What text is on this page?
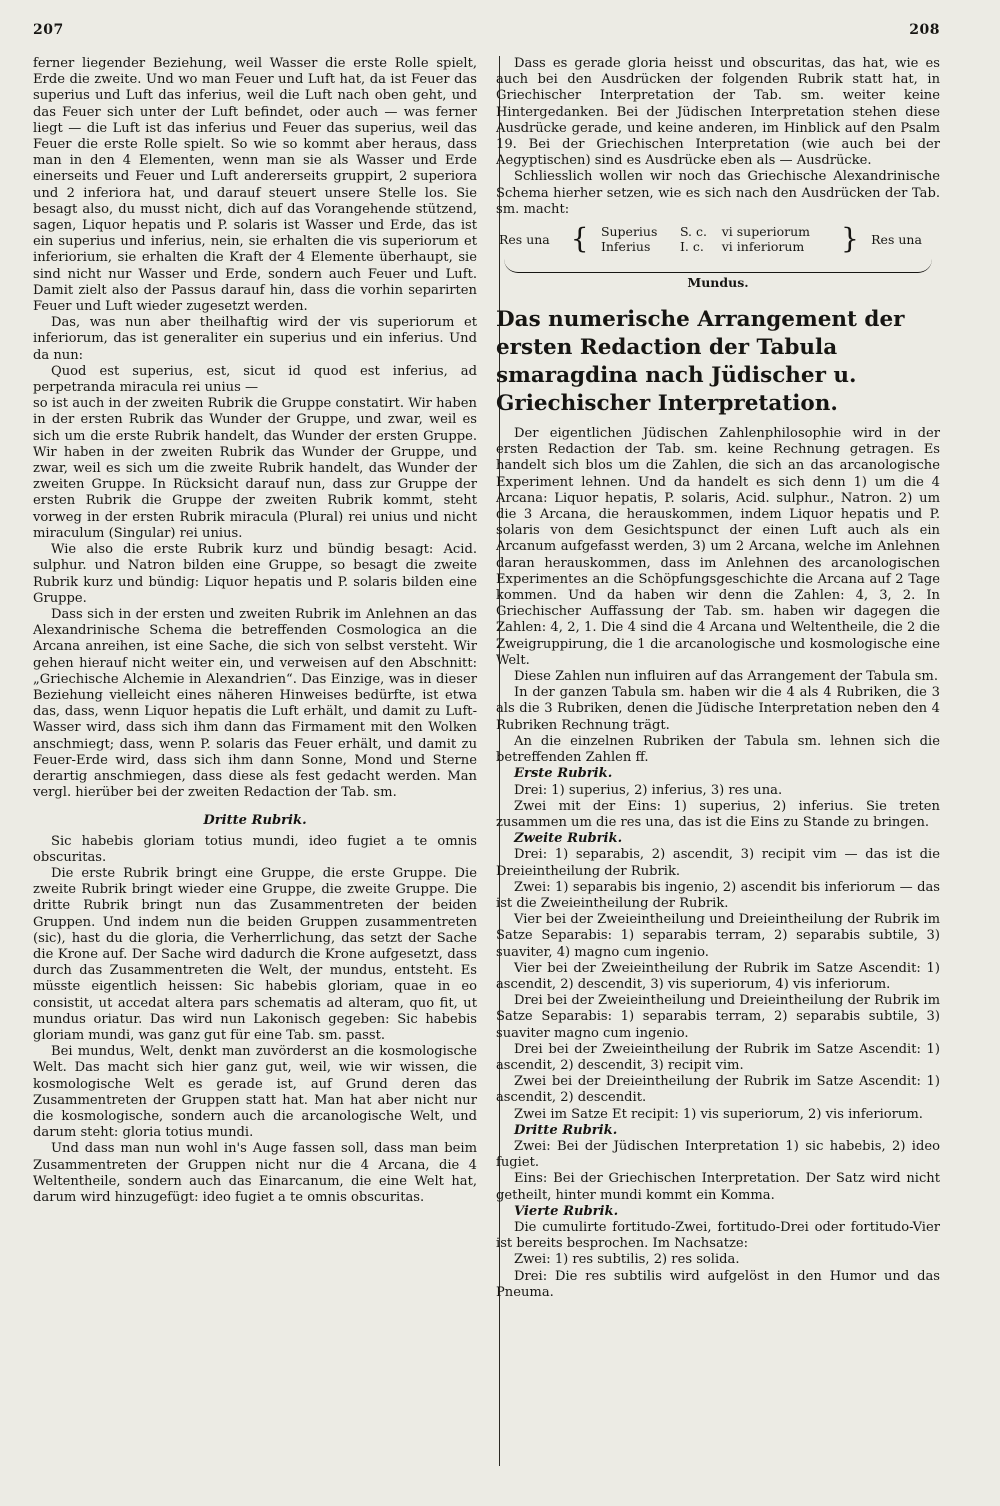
207	208

ferner liegender Beziehung, weil Wasser die erste Rolle spielt, Erde die zweite. Und wo man Feuer und Luft hat, da ist Feuer das superius und Luft das inferius, weil die Luft nach oben geht, und das Feuer sich unter der Luft befindet, oder auch — was ferner liegt — die Luft ist das inferius und Feuer das superius, weil das Feuer die erste Rolle spielt. So wie so kommt aber heraus, dass man in den 4 Elementen, wenn man sie als Wasser und Erde einerseits und Feuer und Luft andererseits gruppirt, 2 superiora und 2 inferiora hat, und darauf steuert unsere Stelle los. Sie besagt also, du musst nicht, dich auf das Vorangehende stützend, sagen, Liquor hepatis und P. solaris ist Wasser und Erde, das ist ein superius und inferius, nein, sie erhalten die vis superiorum et inferiorium, sie erhalten die Kraft der 4 Elemente überhaupt, sie sind nicht nur Wasser und Erde, sondern auch Feuer und Luft. Damit zielt also der Passus darauf hin, dass die vorhin separirten Feuer und Luft wieder zugesetzt werden.

Das, was nun aber theilhaftig wird der vis superiorum et inferiorum, das ist generaliter ein superius und ein inferius. Und da nun:

Quod est superius, est, sicut id quod est inferius, ad perpetranda miracula rei unius —

so ist auch in der zweiten Rubrik die Gruppe constatirt. Wir haben in der ersten Rubrik das Wunder der Gruppe, und zwar, weil es sich um die erste Rubrik handelt, das Wunder der ersten Gruppe. Wir haben in der zweiten Rubrik das Wunder der Gruppe, und zwar, weil es sich um die zweite Rubrik handelt, das Wunder der zweiten Gruppe. In Rücksicht darauf nun, dass zur Gruppe der ersten Rubrik die Gruppe der zweiten Rubrik kommt, steht vorweg in der ersten Rubrik miracula (Plural) rei unius und nicht miraculum (Singular) rei unius.

Wie also die erste Rubrik kurz und bündig besagt: Acid. sulphur. und Natron bilden eine Gruppe, so besagt die zweite Rubrik kurz und bündig: Liquor hepatis und P. solaris bilden eine Gruppe.

Dass sich in der ersten und zweiten Rubrik im Anlehnen an das Alexandrinische Schema die betreffenden Cosmologica an die Arcana anreihen, ist eine Sache, die sich von selbst versteht. Wir gehen hierauf nicht weiter ein, und verweisen auf den Abschnitt: „Griechische Alchemie in Alexandrien“. Das Einzige, was in dieser Beziehung vielleicht eines näheren Hinweises bedürfte, ist etwa das, dass, wenn Liquor hepatis die Luft erhält, und damit zu Luft-Wasser wird, dass sich ihm dann das Firmament mit den Wolken anschmiegt; dass, wenn P. solaris das Feuer erhält, und damit zu Feuer-Erde wird, dass sich ihm dann Sonne, Mond und Sterne derartig anschmiegen, dass diese als fest gedacht werden. Man vergl. hierüber bei der zweiten Redaction der Tab. sm.

Dritte Rubrik.

Sic habebis gloriam totius mundi, ideo fugiet a te omnis obscuritas.

Die erste Rubrik bringt eine Gruppe, die erste Gruppe. Die zweite Rubrik bringt wieder eine Gruppe, die zweite Gruppe. Die dritte Rubrik bringt nun das Zusammentreten der beiden Gruppen. Und indem nun die beiden Gruppen zusammentreten (sic), hast du die gloria, die Verherrlichung, das setzt der Sache die Krone auf. Der Sache wird dadurch die Krone aufgesetzt, dass durch das Zusammentreten die Welt, der mundus, entsteht. Es müsste eigentlich heissen: Sic habebis gloriam, quae in eo consistit, ut accedat altera pars schematis ad alteram, quo fit, ut mundus oriatur. Das wird nun Lakonisch gegeben: Sic habebis gloriam mundi, was ganz gut für eine Tab. sm. passt.

Bei mundus, Welt, denkt man zuvörderst an die kosmologische Welt. Das macht sich hier ganz gut, weil, wie wir wissen, die kosmologische Welt es gerade ist, auf Grund deren das Zusammentreten der Gruppen statt hat. Man hat aber nicht nur die kosmologische, sondern auch die arcanologische Welt, und darum steht: gloria totius mundi.

Und dass man nun wohl in's Auge fassen soll, dass man beim Zusammentreten der Gruppen nicht nur die 4 Arcana, die 4 Weltentheile, sondern auch das Einarcanum, die eine Welt hat, darum wird hinzugefügt: ideo fugiet a te omnis obscuritas.

Dass es gerade gloria heisst und obscuritas, das hat, wie es auch bei den Ausdrücken der folgenden Rubrik statt hat, in Griechischer Interpretation der Tab. sm. weiter keine Hintergedanken. Bei der Jüdischen Interpretation stehen diese Ausdrücke gerade, und keine anderen, im Hinblick auf den Psalm 19. Bei der Griechischen Interpretation (wie auch bei der Aegyptischen) sind es Ausdrücke eben als — Ausdrücke.

Schliesslich wollen wir noch das Griechische Alexandrinische Schema hierher setzen, wie es sich nach den Ausdrücken der Tab. sm. macht:

Res una	{	Superius	S. c.	vi superiorum	}	Res una
		Inferius	I. c.	vi inferiorum		
Mundus.
Das numerische Arrangement der ersten Redaction der Tabula smaragdina nach Jüdischer u. Griechischer Interpretation.

Der eigentlichen Jüdischen Zahlenphilosophie wird in der ersten Redaction der Tab. sm. keine Rechnung getragen. Es handelt sich blos um die Zahlen, die sich an das arcanologische Experiment lehnen. Und da handelt es sich denn 1) um die 4 Arcana: Liquor hepatis, P. solaris, Acid. sulphur., Natron. 2) um die 3 Arcana, die herauskommen, indem Liquor hepatis und P. solaris von dem Gesichtspunct der einen Luft auch als ein Arcanum aufgefasst werden, 3) um 2 Arcana, welche im Anlehnen daran herauskommen, dass im Anlehnen des arcanologischen Experimentes an die Schöpfungsgeschichte die Arcana auf 2 Tage kommen. Und da haben wir denn die Zahlen: 4, 3, 2. In Griechischer Auffassung der Tab. sm. haben wir dagegen die Zahlen: 4, 2, 1. Die 4 sind die 4 Arcana und Weltentheile, die 2 die Zweigruppirung, die 1 die arcanologische und kosmologische eine Welt.

Diese Zahlen nun influiren auf das Arrangement der Tabula sm.

In der ganzen Tabula sm. haben wir die 4 als 4 Rubriken, die 3 als die 3 Rubriken, denen die Jüdische Interpretation neben den 4 Rubriken Rechnung trägt.

An die einzelnen Rubriken der Tabula sm. lehnen sich die betreffenden Zahlen ff.

Erste Rubrik.

Drei: 1) superius, 2) inferius, 3) res una.

Zwei mit der Eins: 1) superius, 2) inferius. Sie treten zusammen um die res una, das ist die Eins zu Stande zu bringen.

Zweite Rubrik.

Drei: 1) separabis, 2) ascendit, 3) recipit vim — das ist die Dreieintheilung der Rubrik.

Zwei: 1) separabis bis ingenio, 2) ascendit bis inferiorum — das ist die Zweieintheilung der Rubrik.

Vier bei der Zweieintheilung und Dreieintheilung der Rubrik im Satze Separabis: 1) separabis terram, 2) separabis subtile, 3) suaviter, 4) magno cum ingenio.

Vier bei der Zweieintheilung der Rubrik im Satze Ascendit: 1) ascendit, 2) descendit, 3) vis superiorum, 4) vis inferiorum.

Drei bei der Zweieintheilung und Dreieintheilung der Rubrik im Satze Separabis: 1) separabis terram, 2) separabis subtile, 3) suaviter magno cum ingenio.

Drei bei der Zweieintheilung der Rubrik im Satze Ascendit: 1) ascendit, 2) descendit, 3) recipit vim.

Zwei bei der Dreieintheilung der Rubrik im Satze Ascendit: 1) ascendit, 2) descendit.

Zwei im Satze Et recipit: 1) vis superiorum, 2) vis inferiorum.

Dritte Rubrik.

Zwei: Bei der Jüdischen Interpretation 1) sic habebis, 2) ideo fugiet.

Eins: Bei der Griechischen Interpretation. Der Satz wird nicht getheilt, hinter mundi kommt ein Komma.

Vierte Rubrik.

Die cumulirte fortitudo-Zwei, fortitudo-Drei oder fortitudo-Vier ist bereits besprochen. Im Nachsatze:

Zwei: 1) res subtilis, 2) res solida.

Drei: Die res subtilis wird aufgelöst in den Humor und das Pneuma.
